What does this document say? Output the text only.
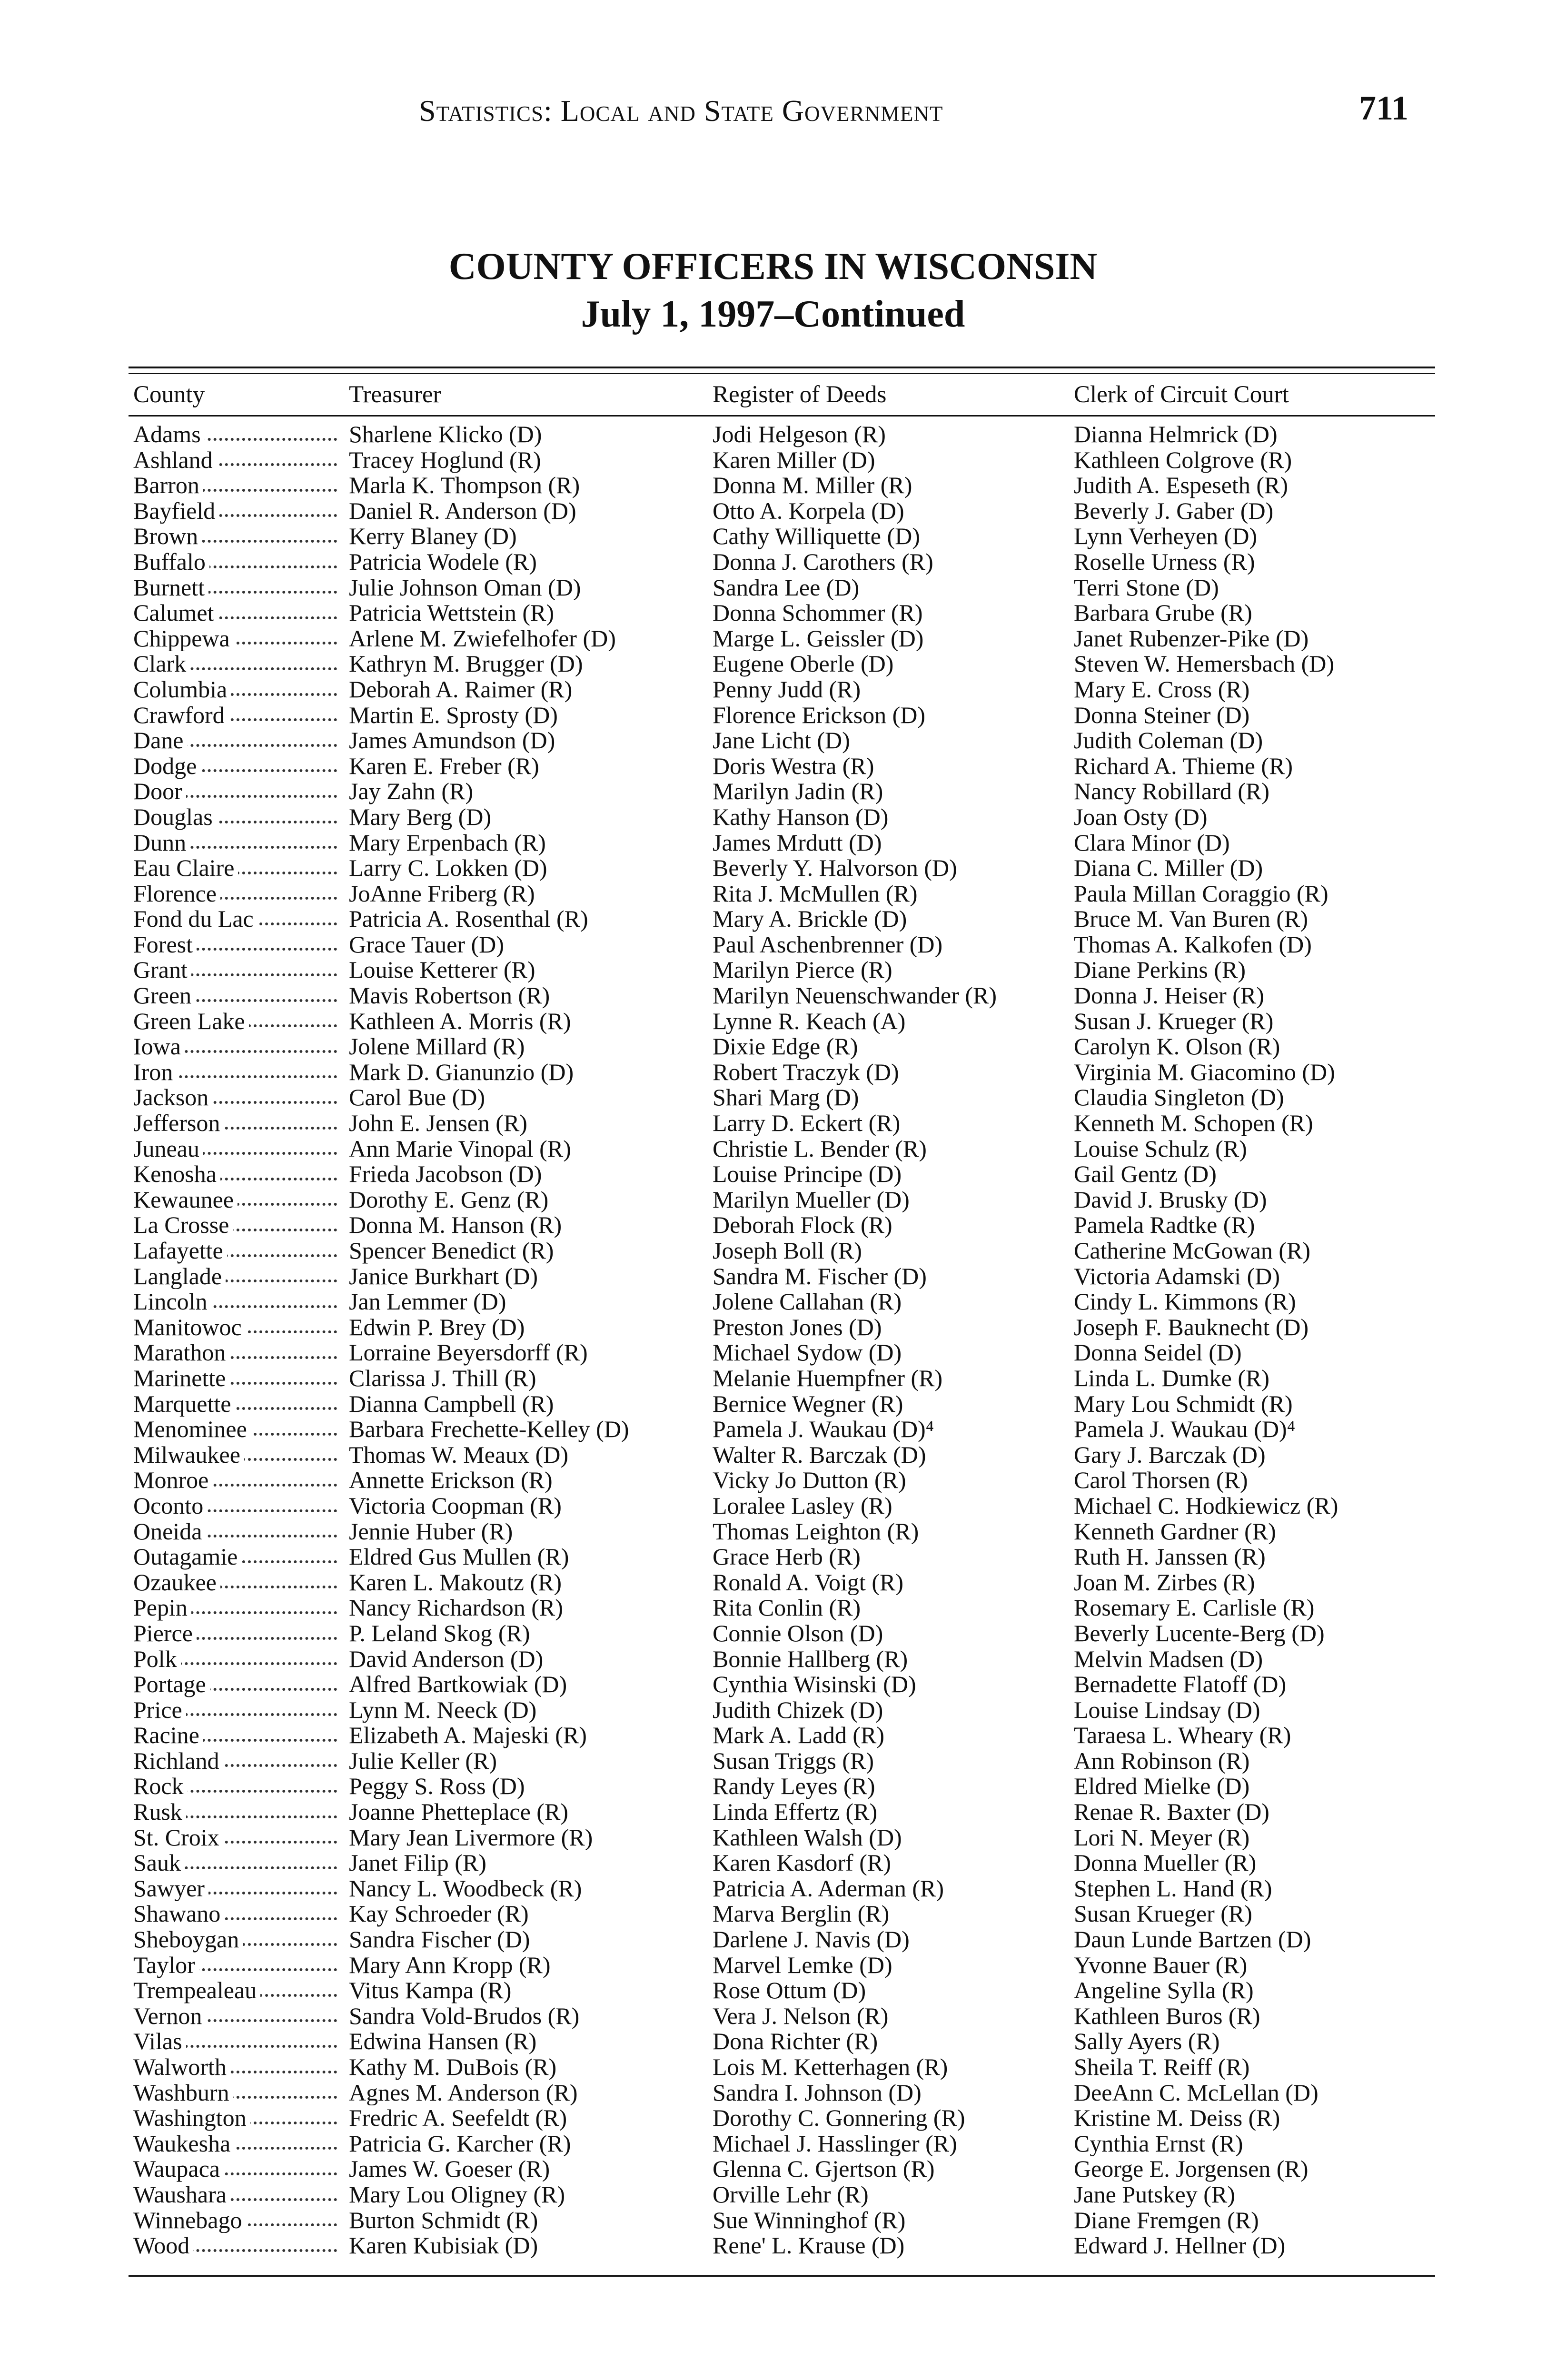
Statistics: Local and State Government	711
COUNTY OFFICERS IN WISCONSIN
July 1, 1997–Continued
County	Treasurer	Register of Deeds	Clerk of Circuit Court
Adams	Sharlene Klicko (D)	Jodi Helgeson (R)	Dianna Helmrick (D)
Ashland	Tracey Hoglund (R)	Karen Miller (D)	Kathleen Colgrove (R)
Barron	Marla K. Thompson (R)	Donna M. Miller (R)	Judith A. Espeseth (R)
Bayfield	Daniel R. Anderson (D)	Otto A. Korpela (D)	Beverly J. Gaber (D)
Brown	Kerry Blaney (D)	Cathy Williquette (D)	Lynn Verheyen (D)
Buffalo	Patricia Wodele (R)	Donna J. Carothers (R)	Roselle Urness (R)
Burnett	Julie Johnson Oman (D)	Sandra Lee (D)	Terri Stone (D)
Calumet	Patricia Wettstein (R)	Donna Schommer (R)	Barbara Grube (R)
Chippewa	Arlene M. Zwiefelhofer (D)	Marge L. Geissler (D)	Janet Rubenzer-Pike (D)
Clark	Kathryn M. Brugger (D)	Eugene Oberle (D)	Steven W. Hemersbach (D)
Columbia	Deborah A. Raimer (R)	Penny Judd (R)	Mary E. Cross (R)
Crawford	Martin E. Sprosty (D)	Florence Erickson (D)	Donna Steiner (D)
Dane	James Amundson (D)	Jane Licht (D)	Judith Coleman (D)
Dodge	Karen E. Freber (R)	Doris Westra (R)	Richard A. Thieme (R)
Door	Jay Zahn (R)	Marilyn Jadin (R)	Nancy Robillard (R)
Douglas	Mary Berg (D)	Kathy Hanson (D)	Joan Osty (D)
Dunn	Mary Erpenbach (R)	James Mrdutt (D)	Clara Minor (D)
Eau Claire	Larry C. Lokken (D)	Beverly Y. Halvorson (D)	Diana C. Miller (D)
Florence	JoAnne Friberg (R)	Rita J. McMullen (R)	Paula Millan Coraggio (R)
Fond du Lac	Patricia A. Rosenthal (R)	Mary A. Brickle (D)	Bruce M. Van Buren (R)
Forest	Grace Tauer (D)	Paul Aschenbrenner (D)	Thomas A. Kalkofen (D)
Grant	Louise Ketterer (R)	Marilyn Pierce (R)	Diane Perkins (R)
Green	Mavis Robertson (R)	Marilyn Neuenschwander (R)	Donna J. Heiser (R)
Green Lake	Kathleen A. Morris (R)	Lynne R. Keach (A)	Susan J. Krueger (R)
Iowa	Jolene Millard (R)	Dixie Edge (R)	Carolyn K. Olson (R)
Iron	Mark D. Gianunzio (D)	Robert Traczyk (D)	Virginia M. Giacomino (D)
Jackson	Carol Bue (D)	Shari Marg (D)	Claudia Singleton (D)
Jefferson	John E. Jensen (R)	Larry D. Eckert (R)	Kenneth M. Schopen (R)
Juneau	Ann Marie Vinopal (R)	Christie L. Bender (R)	Louise Schulz (R)
Kenosha	Frieda Jacobson (D)	Louise Principe (D)	Gail Gentz (D)
Kewaunee	Dorothy E. Genz (R)	Marilyn Mueller (D)	David J. Brusky (D)
La Crosse	Donna M. Hanson (R)	Deborah Flock (R)	Pamela Radtke (R)
Lafayette	Spencer Benedict (R)	Joseph Boll (R)	Catherine McGowan (R)
Langlade	Janice Burkhart (D)	Sandra M. Fischer (D)	Victoria Adamski (D)
Lincoln	Jan Lemmer (D)	Jolene Callahan (R)	Cindy L. Kimmons (R)
Manitowoc	Edwin P. Brey (D)	Preston Jones (D)	Joseph F. Bauknecht (D)
Marathon	Lorraine Beyersdorff (R)	Michael Sydow (D)	Donna Seidel (D)
Marinette	Clarissa J. Thill (R)	Melanie Huempfner (R)	Linda L. Dumke (R)
Marquette	Dianna Campbell (R)	Bernice Wegner (R)	Mary Lou Schmidt (R)
Menominee	Barbara Frechette-Kelley (D)	Pamela J. Waukau (D)⁴	Pamela J. Waukau (D)⁴
Milwaukee	Thomas W. Meaux (D)	Walter R. Barczak (D)	Gary J. Barczak (D)
Monroe	Annette Erickson (R)	Vicky Jo Dutton (R)	Carol Thorsen (R)
Oconto	Victoria Coopman (R)	Loralee Lasley (R)	Michael C. Hodkiewicz (R)
Oneida	Jennie Huber (R)	Thomas Leighton (R)	Kenneth Gardner (R)
Outagamie	Eldred Gus Mullen (R)	Grace Herb (R)	Ruth H. Janssen (R)
Ozaukee	Karen L. Makoutz (R)	Ronald A. Voigt (R)	Joan M. Zirbes (R)
Pepin	Nancy Richardson (R)	Rita Conlin (R)	Rosemary E. Carlisle (R)
Pierce	P. Leland Skog (R)	Connie Olson (D)	Beverly Lucente-Berg (D)
Polk	David Anderson (D)	Bonnie Hallberg (R)	Melvin Madsen (D)
Portage	Alfred Bartkowiak (D)	Cynthia Wisinski (D)	Bernadette Flatoff (D)
Price	Lynn M. Neeck (D)	Judith Chizek (D)	Louise Lindsay (D)
Racine	Elizabeth A. Majeski (R)	Mark A. Ladd (R)	Taraesa L. Wheary (R)
Richland	Julie Keller (R)	Susan Triggs (R)	Ann Robinson (R)
Rock	Peggy S. Ross (D)	Randy Leyes (R)	Eldred Mielke (D)
Rusk	Joanne Phetteplace (R)	Linda Effertz (R)	Renae R. Baxter (D)
St. Croix	Mary Jean Livermore (R)	Kathleen Walsh (D)	Lori N. Meyer (R)
Sauk	Janet Filip (R)	Karen Kasdorf (R)	Donna Mueller (R)
Sawyer	Nancy L. Woodbeck (R)	Patricia A. Aderman (R)	Stephen L. Hand (R)
Shawano	Kay Schroeder (R)	Marva Berglin (R)	Susan Krueger (R)
Sheboygan	Sandra Fischer (D)	Darlene J. Navis (D)	Daun Lunde Bartzen (D)
Taylor	Mary Ann Kropp (R)	Marvel Lemke (D)	Yvonne Bauer (R)
Trempealeau	Vitus Kampa (R)	Rose Ottum (D)	Angeline Sylla (R)
Vernon	Sandra Vold-Brudos (R)	Vera J. Nelson (R)	Kathleen Buros (R)
Vilas	Edwina Hansen (R)	Dona Richter (R)	Sally Ayers (R)
Walworth	Kathy M. DuBois (R)	Lois M. Ketterhagen (R)	Sheila T. Reiff (R)
Washburn	Agnes M. Anderson (R)	Sandra I. Johnson (D)	DeeAnn C. McLellan (D)
Washington	Fredric A. Seefeldt (R)	Dorothy C. Gonnering (R)	Kristine M. Deiss (R)
Waukesha	Patricia G. Karcher (R)	Michael J. Hasslinger (R)	Cynthia Ernst (R)
Waupaca	James W. Goeser (R)	Glenna C. Gjertson (R)	George E. Jorgensen (R)
Waushara	Mary Lou Oligney (R)	Orville Lehr (R)	Jane Putskey (R)
Winnebago	Burton Schmidt (R)	Sue Winninghof (R)	Diane Fremgen (R)
Wood	Karen Kubisiak (D)	Rene' L. Krause (D)	Edward J. Hellner (D)
